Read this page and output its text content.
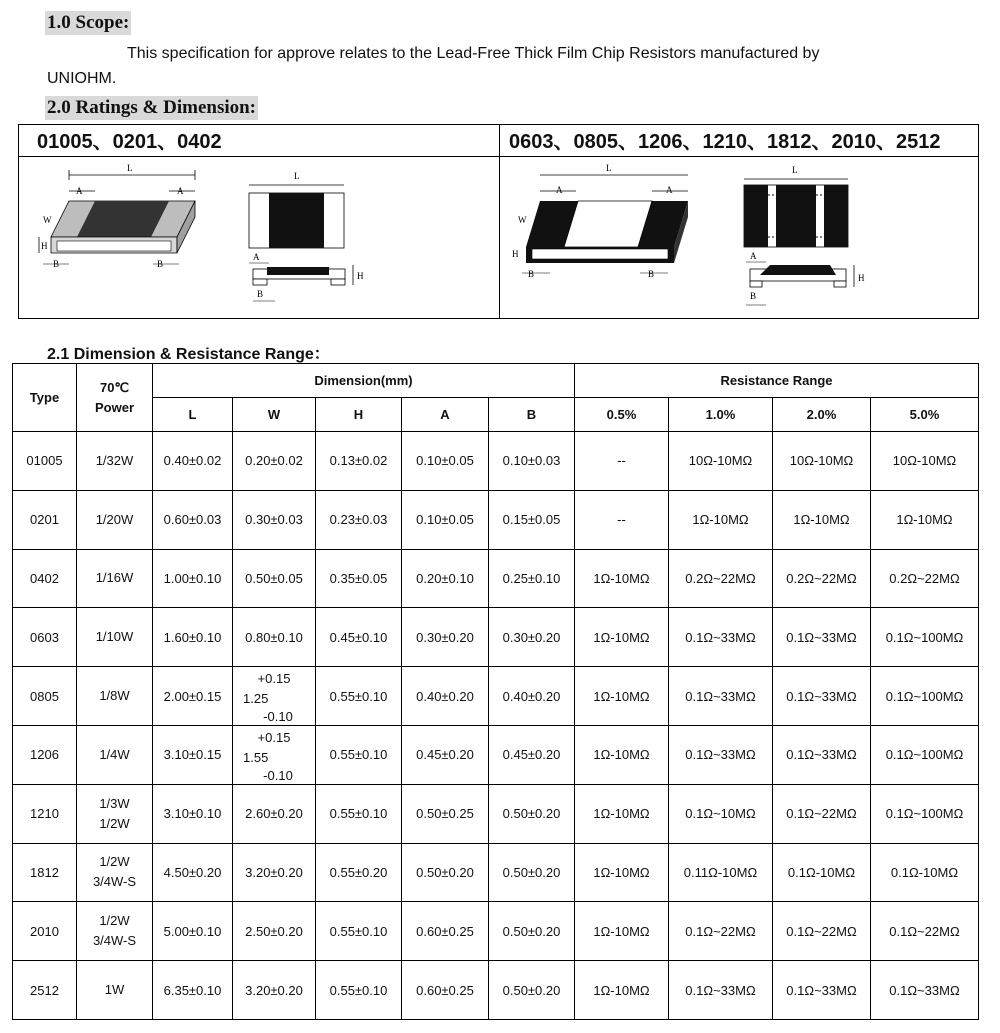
1.0 Scope:
This specification for approve relates to the Lead-Free Thick Film Chip Resistors manufactured by
UNIOHM.
2.0 Ratings & Dimension:
01005、0201、0402
L
A	A
W
H
B	B
L
A
H
B
0603、0805、1206、1210、1812、2010、2512
L
A	A
W
H
B	B
L
A
H
B
2.1 Dimension & Resistance Range：
Type	70℃
Power	Dimension(mm)					Resistance Range			
		L	W	H	A	B	0.5%	1.0%	2.0%	5.0%
01005	1/32W	0.40±0.02	0.20±0.02	0.13±0.02	0.10±0.05	0.10±0.03	--	10Ω-10MΩ	10Ω-10MΩ	10Ω-10MΩ
0201	1/20W	0.60±0.03	0.30±0.03	0.23±0.03	0.10±0.05	0.15±0.05	--	1Ω-10MΩ	1Ω-10MΩ	1Ω-10MΩ
0402	1/16W	1.00±0.10	0.50±0.05	0.35±0.05	0.20±0.10	0.25±0.10	1Ω-10MΩ	0.2Ω~22MΩ	0.2Ω~22MΩ	0.2Ω~22MΩ
0603	1/10W	1.60±0.10	0.80±0.10	0.45±0.10	0.30±0.20	0.30±0.20	1Ω-10MΩ	0.1Ω~33MΩ	0.1Ω~33MΩ	0.1Ω~100MΩ
0805	1/8W	2.00±0.15	+0.15
1.25
-0.10	0.55±0.10	0.40±0.20	0.40±0.20	1Ω-10MΩ	0.1Ω~33MΩ	0.1Ω~33MΩ	0.1Ω~100MΩ
1206	1/4W	3.10±0.15	+0.15
1.55
-0.10	0.55±0.10	0.45±0.20	0.45±0.20	1Ω-10MΩ	0.1Ω~33MΩ	0.1Ω~33MΩ	0.1Ω~100MΩ
1210	1/3W
1/2W	3.10±0.10	2.60±0.20	0.55±0.10	0.50±0.25	0.50±0.20	1Ω-10MΩ	0.1Ω~10MΩ	0.1Ω~22MΩ	0.1Ω~100MΩ
1812	1/2W
3/4W-S	4.50±0.20	3.20±0.20	0.55±0.20	0.50±0.20	0.50±0.20	1Ω-10MΩ	0.11Ω-10MΩ	0.1Ω-10MΩ	0.1Ω-10MΩ
2010	1/2W
3/4W-S	5.00±0.10	2.50±0.20	0.55±0.10	0.60±0.25	0.50±0.20	1Ω-10MΩ	0.1Ω~22MΩ	0.1Ω~22MΩ	0.1Ω~22MΩ
2512	1W	6.35±0.10	3.20±0.20	0.55±0.10	0.60±0.25	0.50±0.20	1Ω-10MΩ	0.1Ω~33MΩ	0.1Ω~33MΩ	0.1Ω~33MΩ
